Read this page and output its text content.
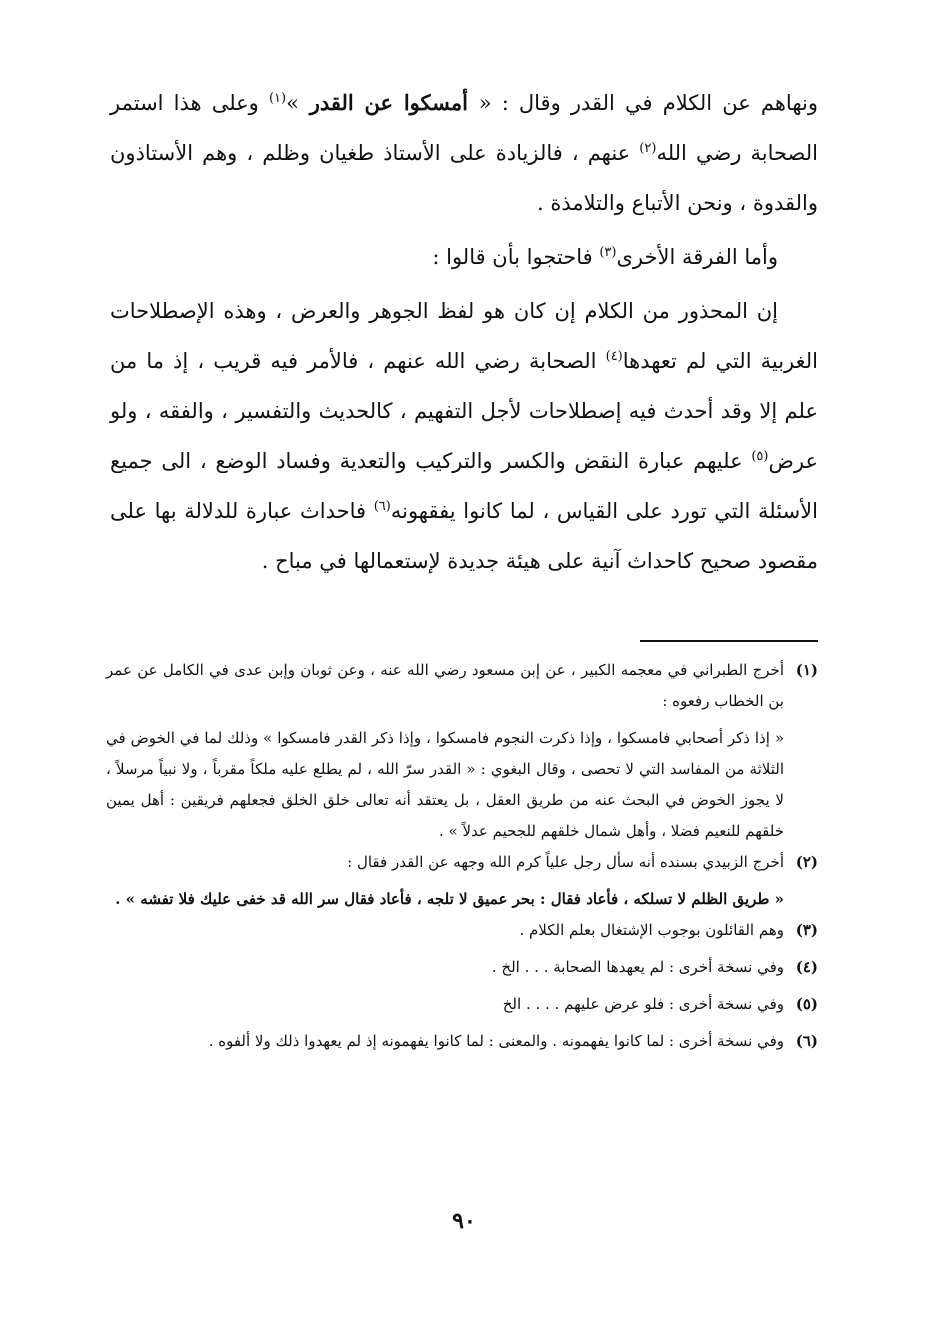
ونهاهم عن الكلام في القدر وقال : « أمسكوا عن القدر »$^{(١)}$ وعلى هذا استمر الصحابة رضي الله$^{(٢)}$ عنهم ، فالزيادة على الأستاذ طغيان وظلم ، وهم الأستاذون والقدوة ، ونحن الأتباع والتلامذة .

وأما الفرقة الأخرى$^{(٣)}$ فاحتجوا بأن قالوا :

إن المحذور من الكلام إن كان هو لفظ الجوهر والعرض ، وهذه الإصطلاحات الغربية التي لم تعهدها$^{(٤)}$ الصحابة رضي الله عنهم ، فالأمر فيه قريب ، إذ ما من علم إلا وقد أحدث فيه إصطلاحات لأجل التفهيم ، كالحديث والتفسير ، والفقه ، ولو عرض$^{(٥)}$ عليهم عبارة النقض والكسر والتركيب والتعدية وفساد الوضع ، الى جميع الأسئلة التي تورد على القياس ، لما كانوا يفقهونه$^{(٦)}$ فاحداث عبارة للدلالة بها على مقصود صحيح كاحداث آنية على هيئة جديدة لإستعمالها في مباح .

(١)
أخرج الطبراني في معجمه الكبير ، عن إبن مسعود رضي الله عنه ، وعن ثوبان وإبن عدى في الكامل عن عمر بن الخطاب رفعوه :
« إذا ذكر أصحابي فامسكوا ، وإذا ذكرت النجوم فامسكوا ، وإذا ذكر القدر فامسكوا » وذلك لما في الخوض في الثلاثة من المفاسد التي لا تحصى ، وقال البغوي : « القدر سرّ الله ، لم يطلع عليه ملكاً مقرباً ، ولا نبياً مرسلاً ، لا يجوز الخوض في البحث عنه من طريق العقل ، بل يعتقد أنه تعالى خلق الخلق فجعلهم فريقين : أهل يمين خلقهم للنعيم فضلا ، وأهل شمال خلقهم للجحيم عدلاً » .
(٢)
أخرج الزبيدي بسنده أنه سأل رجل علياً كرم الله وجهه عن القدر فقال :
« طريق الظلم لا تسلكه ، فأعاد فقال : بحر عميق لا تلجه ، فأعاد فقال سر الله قد خفى عليك فلا تفشه » .
(٣)
وهم القائلون بوجوب الإشتغال بعلم الكلام .
(٤)
وفي نسخة أخرى : لم يعهدها الصحابة . . . الخ .
(٥)
وفي نسخة أخرى : فلو عرض عليهم . . . . الخ
(٦)
وفي نسخة أخرى : لما كانوا يفهمونه . والمعنى : لما كانوا يفهمونه إذ لم يعهدوا ذلك ولا ألفوه .
٩٠
